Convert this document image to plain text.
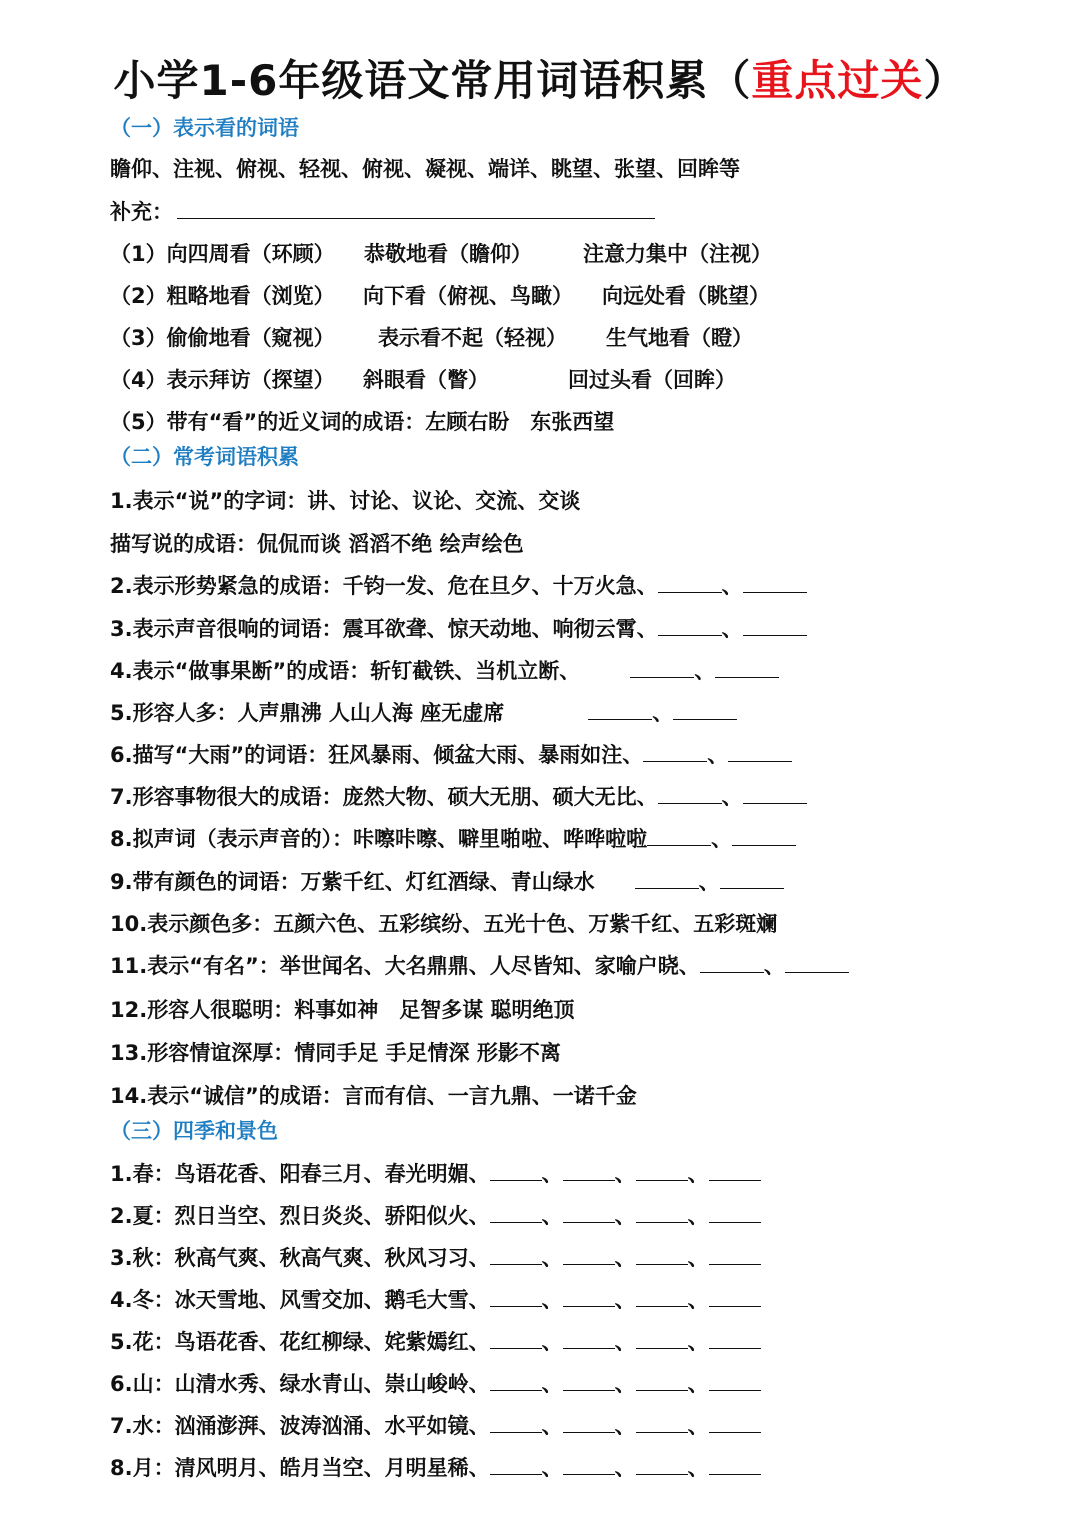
小学1-6年级语文常用词语积累（重点过关）
（一）表示看的词语
瞻仰、注视、俯视、轻视、俯视、凝视、端详、眺望、张望、回眸等
补充：
（1）向四周看（环顾） 恭敬地看（瞻仰） 注意力集中（注视）
（2）粗略地看（浏览） 向下看（俯视、鸟瞰） 向远处看（眺望）
（3）偷偷地看（窥视） 表示看不起（轻视） 生气地看（瞪）
（4）表示拜访（探望） 斜眼看（瞥）	回过头看（回眸）
（5）带有“看”的近义词的成语：左顾右盼　东张西望
（二）常考词语积累
1.表示“说”的字词：讲、讨论、议论、交流、交谈
描写说的成语：侃侃而谈 滔滔不绝 绘声绘色
2.表示形势紧急的成语：千钧一发、危在旦夕、十万火急、	、
3.表示声音很响的词语：震耳欲聋、惊天动地、响彻云霄、	、
4.表示“做事果断”的成语：斩钉截铁、当机立断、	、
5.形容人多：人声鼎沸 人山人海 座无虚席	、
6.描写“大雨”的词语：狂风暴雨、倾盆大雨、暴雨如注、	、
7.形容事物很大的成语：庞然大物、硕大无朋、硕大无比、	、
8.拟声词（表示声音的）：咔嚓咔嚓、噼里啪啦、哗哗啦啦	、
9.带有颜色的词语：万紫千红、灯红酒绿、青山绿水	、
10.表示颜色多：五颜六色、五彩缤纷、五光十色、万紫千红、五彩斑斓
11.表示“有名”：举世闻名、大名鼎鼎、人尽皆知、家喻户晓、	、
12.形容人很聪明：料事如神　足智多谋 聪明绝顶
13.形容情谊深厚：情同手足 手足情深 形影不离
14.表示“诚信”的成语：言而有信、一言九鼎、一诺千金
（三）四季和景色
1.春：鸟语花香、阳春三月、春光明媚、 、 、 、
2.夏：烈日当空、烈日炎炎、骄阳似火、 、 、 、
3.秋：秋高气爽、秋高气爽、秋风习习、 、 、 、
4.冬：冰天雪地、风雪交加、鹅毛大雪、 、 、 、
5.花：鸟语花香、花红柳绿、姹紫嫣红、 、 、 、
6.山：山清水秀、绿水青山、崇山峻岭、 、 、 、
7.水：汹涌澎湃、波涛汹涌、水平如镜、 、 、 、
8.月：清风明月、皓月当空、月明星稀、 、 、 、
